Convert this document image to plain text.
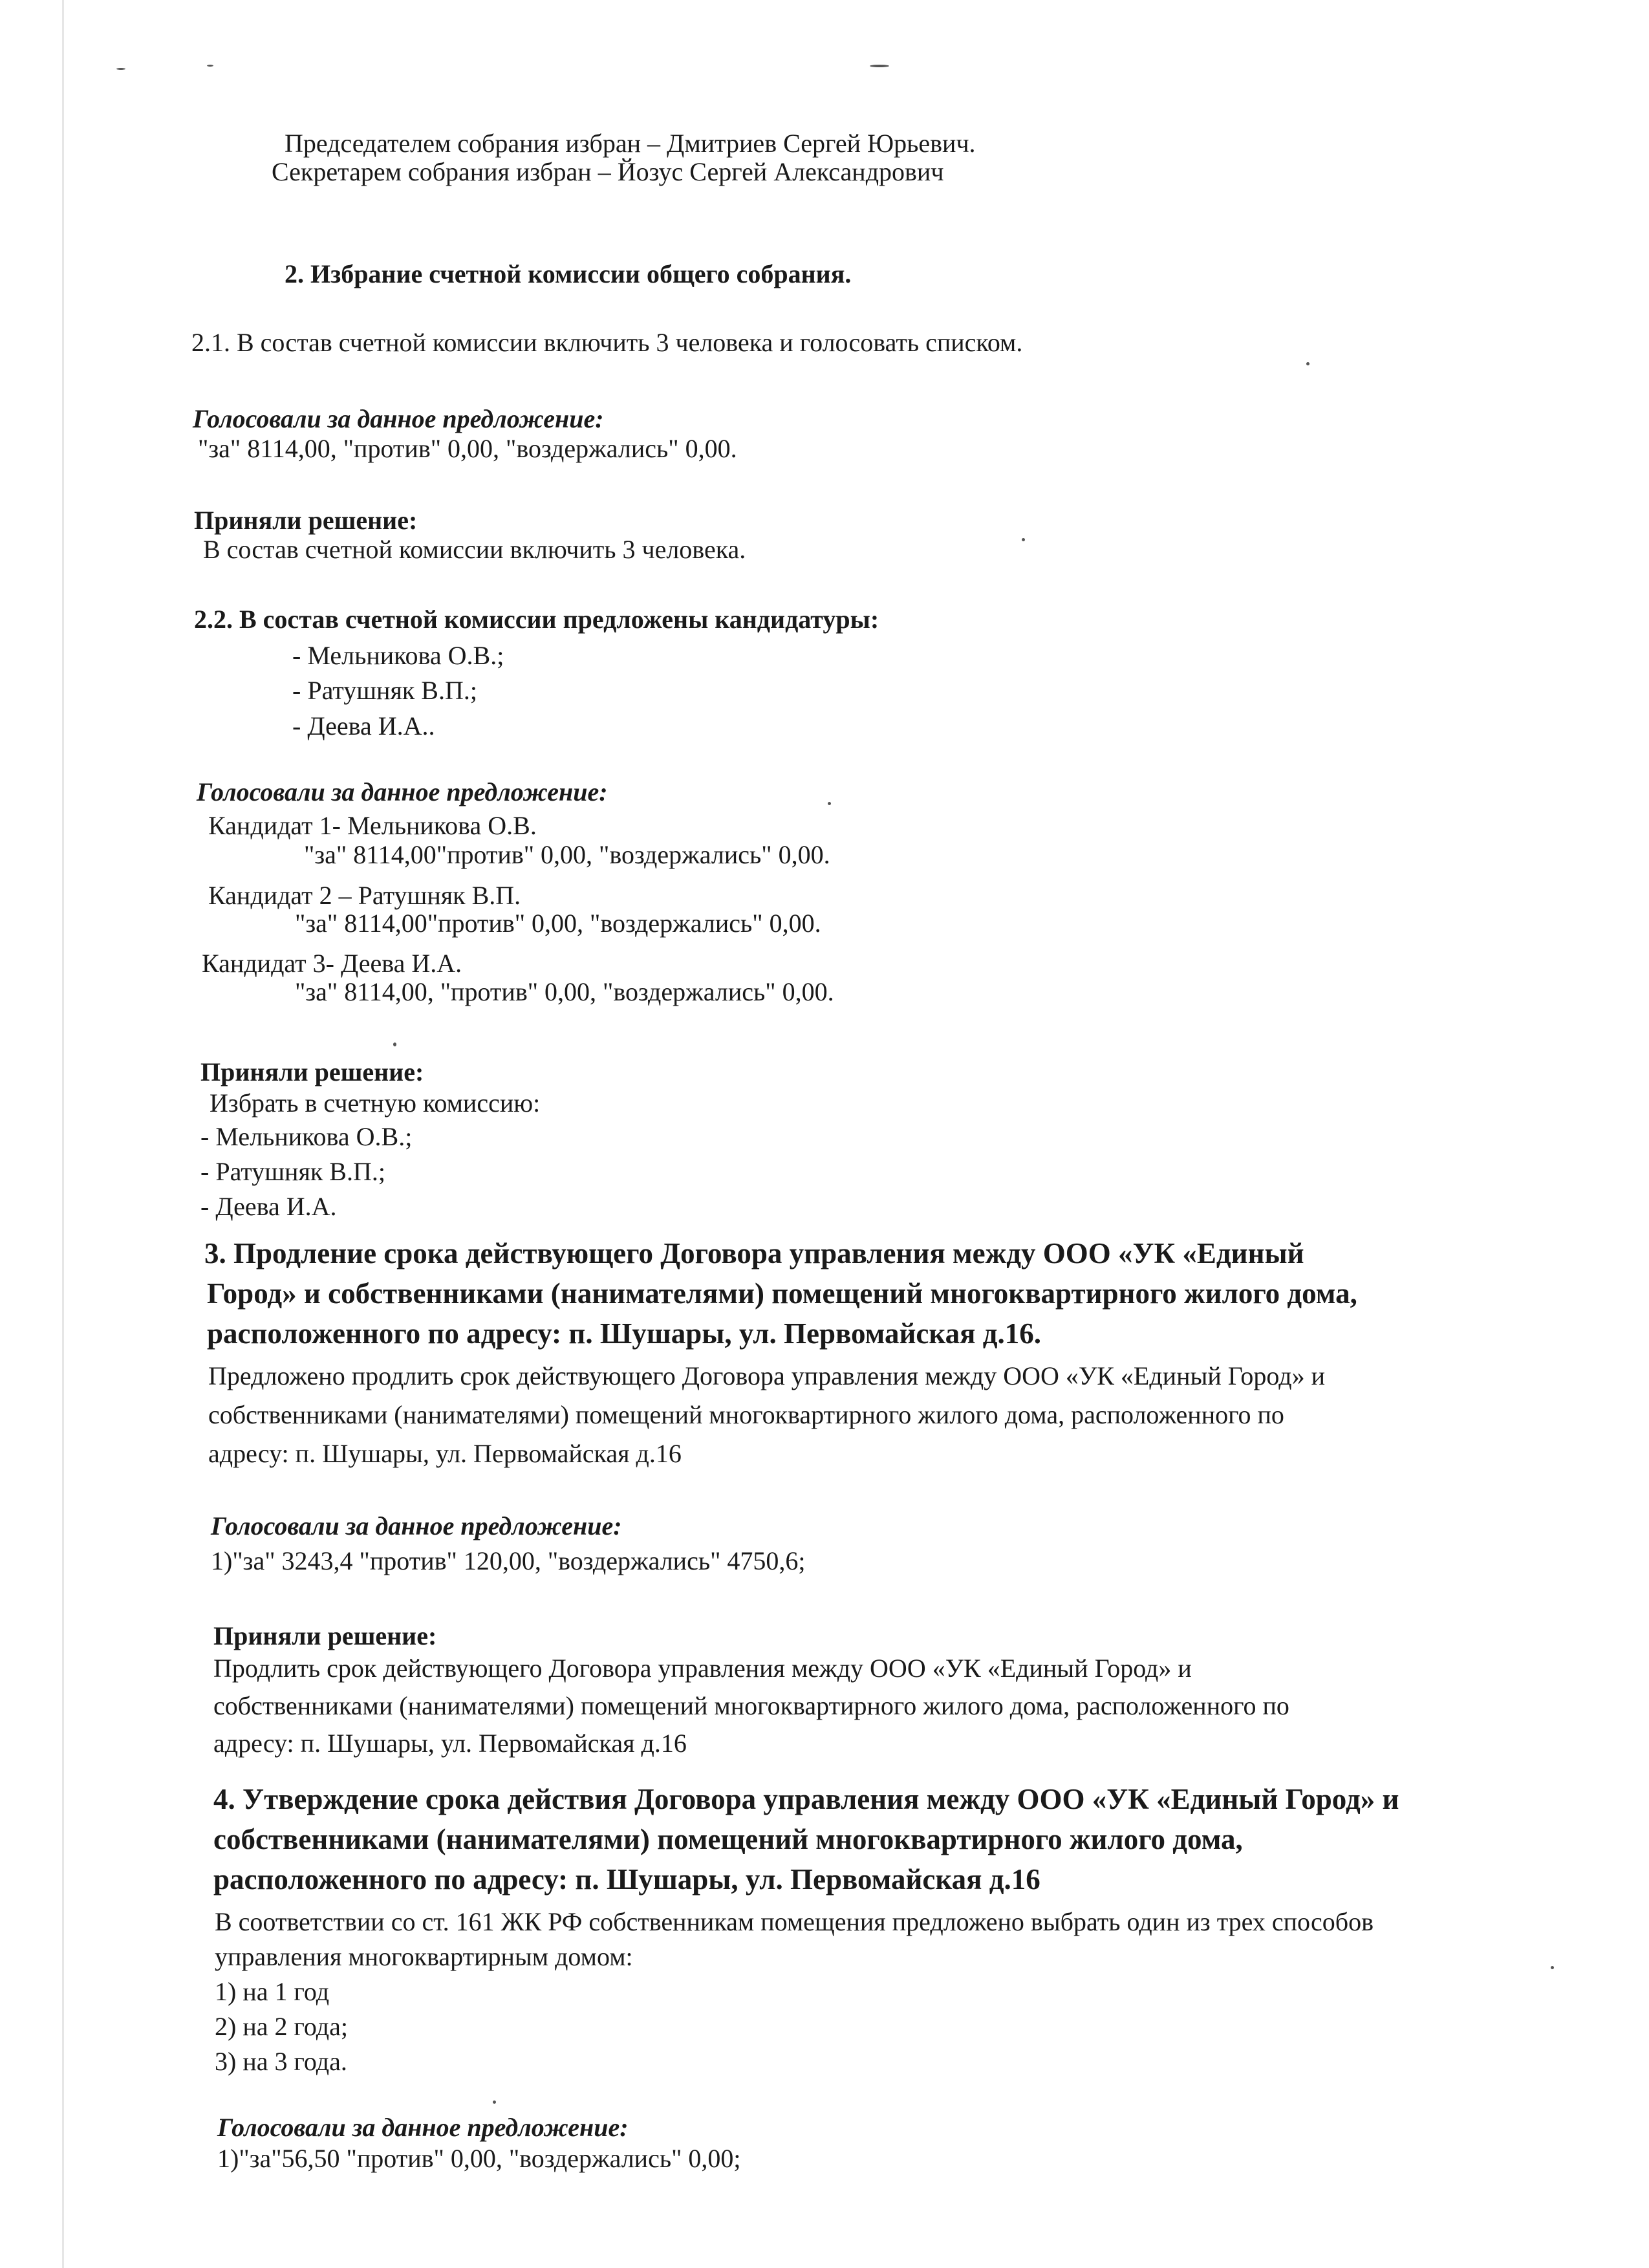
Председателем собрания избран – Дмитриев Сергей Юрьевич.
Секретарем собрания избран – Йозус Сергей Александрович
2. Избрание счетной комиссии общего собрания.
2.1. В состав счетной комиссии включить 3 человека и голосовать списком.
Голосовали за данное предложение:
"за" 8114,00, "против" 0,00, "воздержались" 0,00.
Приняли решение:
В состав счетной комиссии включить 3 человека.
2.2. В состав счетной комиссии предложены кандидатуры:
- Мельникова О.В.;
- Ратушняк В.П.;
- Деева И.А..
Голосовали за данное предложение:
Кандидат 1- Мельникова О.В.
"за" 8114,00"против" 0,00, "воздержались" 0,00.
Кандидат 2 – Ратушняк В.П.
"за" 8114,00"против" 0,00, "воздержались" 0,00.
Кандидат 3- Деева И.А.
"за" 8114,00, "против" 0,00, "воздержались" 0,00.
Приняли решение:
Избрать в счетную комиссию:
- Мельникова О.В.;
- Ратушняк В.П.;
- Деева И.А.
3. Продление срока действующего Договора управления между ООО «УК «Единый
Город» и собственниками (нанимателями) помещений многоквартирного жилого дома,
расположенного по адресу: п. Шушары, ул. Первомайская д.16.
Предложено продлить срок действующего Договора управления между ООО «УК «Единый Город» и
собственниками (нанимателями) помещений многоквартирного жилого дома, расположенного по
адресу: п. Шушары, ул. Первомайская д.16
Голосовали за данное предложение:
1)"за" 3243,4 "против" 120,00, "воздержались" 4750,6;
Приняли решение:
Продлить срок действующего Договора управления между ООО «УК «Единый Город» и
собственниками (нанимателями) помещений многоквартирного жилого дома, расположенного по
адресу: п. Шушары, ул. Первомайская д.16
4. Утверждение срока действия Договора управления между ООО «УК «Единый Город» и
собственниками (нанимателями) помещений многоквартирного жилого дома,
расположенного по адресу: п. Шушары, ул. Первомайская д.16
В соответствии со ст. 161 ЖК РФ собственникам помещения предложено выбрать один из трех способов
управления многоквартирным домом:
1) на 1 год
2) на 2 года;
3) на 3 года.
Голосовали за данное предложение:
1)"за"56,50 "против" 0,00, "воздержались" 0,00;
